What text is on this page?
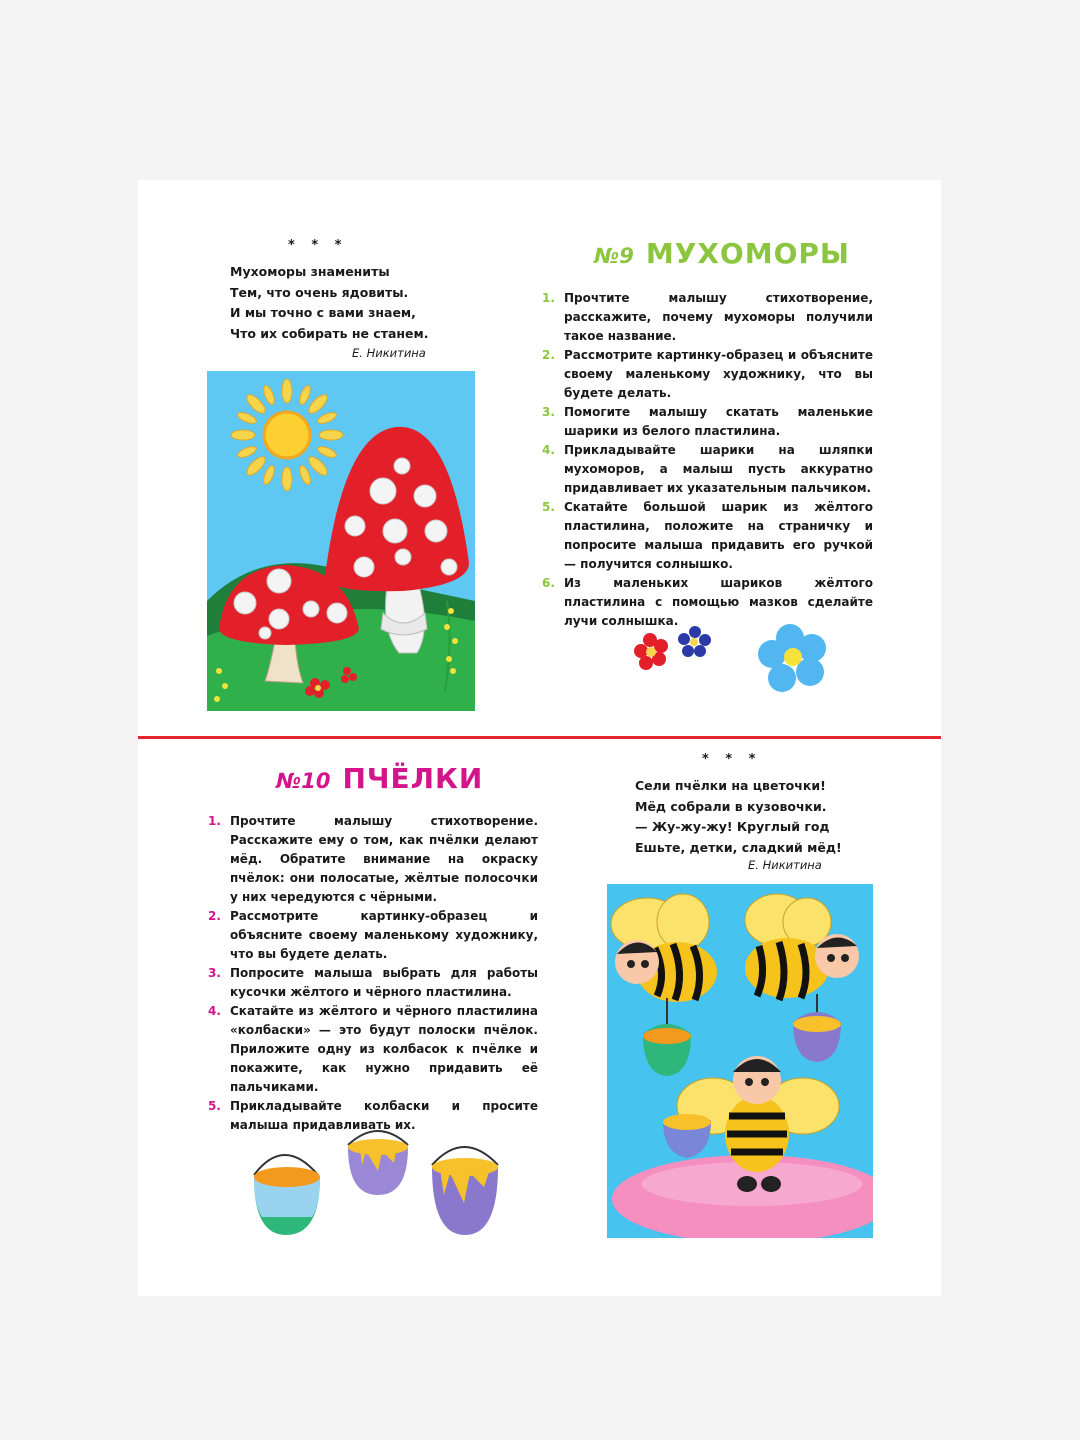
* * *
Мухоморы знамениты
Тем, что очень ядовиты.
И мы точно с вами знаем,
Что их собирать не станем.
Е. Никитина
№9 МУХОМОРЫ
1. Прочтите малышу стихотворение, расскажите, почему мухоморы получили такое название.
2. Рассмотрите картинку-образец и объясните своему маленькому художнику, что вы будете делать.
3. Помогите малышу скатать маленькие шарики из белого пластилина.
4. Прикладывайте шарики на шляпки мухоморов, а малыш пусть аккуратно придавливает их указательным пальчиком.
5. Скатайте большой шарик из жёлтого пластилина, положите на страничку и попросите малыша придавить его ручкой — получится солнышко.
6. Из маленьких шариков жёлтого пластилина с помощью мазков сделайте лучи солнышка.
№10 ПЧЁЛКИ
1. Прочтите малышу стихотворение. Расскажите ему о том, как пчёлки делают мёд. Обратите внимание на окраску пчёлок: они полосатые, жёлтые полосочки у них чередуются с чёрными.
2. Рассмотрите картинку-образец и объясните своему маленькому художнику, что вы будете делать.
3. Попросите малыша выбрать для работы кусочки жёлтого и чёрного пластилина.
4. Скатайте из жёлтого и чёрного пластилина «колбаски» — это будут полоски пчёлок. Приложите одну из колбасок к пчёлке и покажите, как нужно придавить её пальчиками.
5. Прикладывайте колбаски и просите малыша придавливать их.
* * *
Сели пчёлки на цветочки!
Мёд собрали в кузовочки.
— Жу-жу-жу! Круглый год
Ешьте, детки, сладкий мёд!
Е. Никитина
